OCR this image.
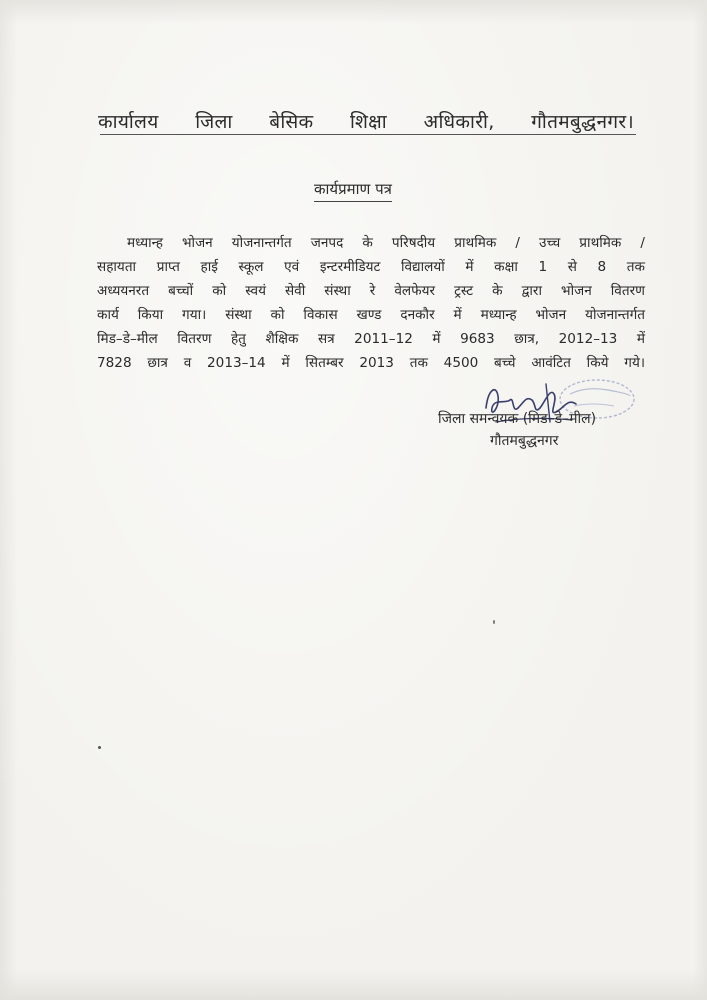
कार्यालय जिला बेसिक शिक्षा अधिकारी, गौतमबुद्धनगर।
कार्यप्रमाण पत्र
मध्यान्ह भोजन योजनान्तर्गत जनपद के परिषदीय प्राथमिक / उच्च प्राथमिक /
सहायता प्राप्त हाई स्कूल एवं इन्टरमीडियट विद्यालयों में कक्षा 1 से 8 तक
अध्ययनरत बच्चों को स्वयं सेवी संस्था रे वेलफेयर ट्रस्ट के द्वारा भोजन वितरण
कार्य किया गया। संस्था को विकास खण्ड दनकौर में मध्यान्ह भोजन योजनान्तर्गत
मिड–डे–मील वितरण हेतु शैक्षिक सत्र 2011–12 में 9683 छात्र, 2012–13 में
7828 छात्र व 2013–14 में सितम्बर 2013 तक 4500 बच्चे आवंटित किये गये।
जिला समन्वयक (मिड–डे–मील)
गौतमबुद्धनगर
